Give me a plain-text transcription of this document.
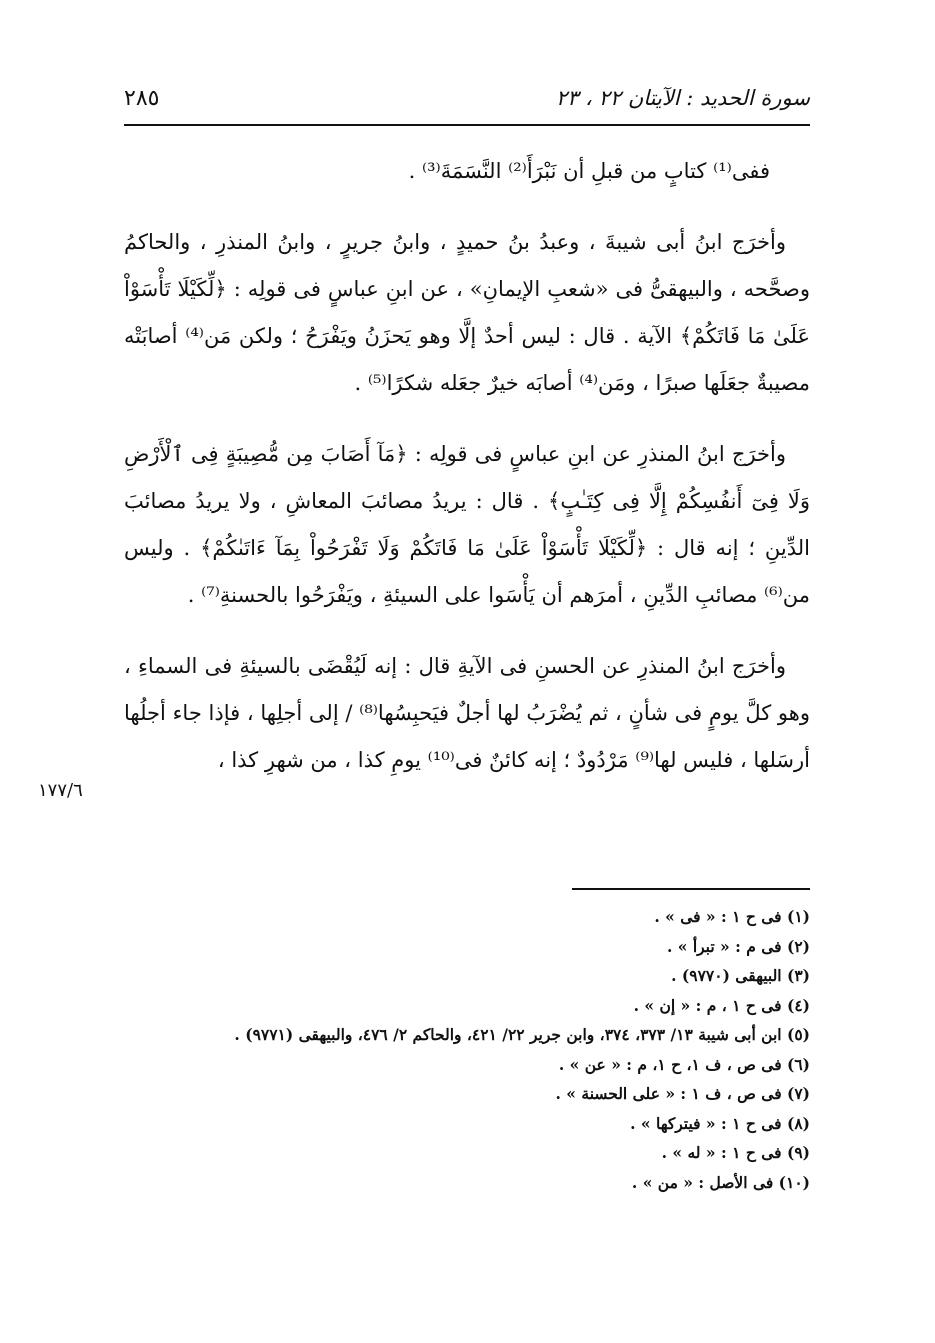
سورة الحديد : الآيتان ٢٢ ، ٢٣
٢٨٥

ففى⁽¹⁾ كتابٍ من قبلِ أن نَبْرَأَ⁽²⁾ النَّسَمَةَ⁽³⁾ .

وأخرَج ابنُ أبى شيبةَ ، وعبدُ بنُ حميدٍ ، وابنُ جريرٍ ، وابنُ المنذرِ ، والحاكمُ وصحَّحه ، والبيهقىُّ فى «شعبِ الإيمانِ» ، عن ابنِ عباسٍ فى قولِه : ﴿لِّكَيْلَا تَأْسَوْاْ عَلَىٰ مَا فَاتَكُمْ﴾ الآية . قال : ليس أحدٌ إلَّا وهو يَحزَنُ ويَفْرَحُ ؛ ولكن مَن⁽⁴⁾ أصابَتْه مصيبةٌ جعَلَها صبرًا ، ومَن⁽⁴⁾ أصابَه خيرٌ جعَله شكرًا⁽⁵⁾ .

وأخرَج ابنُ المنذرِ عن ابنِ عباسٍ فى قولِه : ﴿مَآ أَصَابَ مِن مُّصِيبَةٍ فِى ٱلْأَرْضِ وَلَا فِىٓ أَنفُسِكُمْ إِلَّا فِى كِتَـٰبٍ﴾ . قال : يريدُ مصائبَ المعاشِ ، ولا يريدُ مصائبَ الدِّينِ ؛ إنه قال : ﴿لِّكَيْلَا تَأْسَوْاْ عَلَىٰ مَا فَاتَكُمْ وَلَا تَفْرَحُواْ بِمَآ ءَاتَىٰكُمْ﴾ . وليس من⁽⁶⁾ مصائبِ الدِّينِ ، أمرَهم أن يَأْسَوا على السيئةِ ، ويَفْرَحُوا بالحسنةِ⁽⁷⁾ .

وأخرَج ابنُ المنذرِ عن الحسنِ فى الآيةِ قال : إنه لَيُقْضَى بالسيئةِ فى السماءِ ، وهو كلَّ يومٍ فى شأنٍ ، ثم يُضْرَبُ لها أجلٌ فيَحبِسُها⁽⁸⁾ / إلى أجلِها ، فإذا جاء أجلُها أرسَلها ، فليس لها⁽⁹⁾ مَرْدُودٌ ؛ إنه كائنٌ فى⁽¹⁰⁾ يومِ كذا ، من شهرِ كذا ،

١٧٧/٦

(١) فى ح ١ : « فى » .

(٢) فى م : « تبرأ » .

(٣) البيهقى (٩٧٧٠) .

(٤) فى ح ١ ، م : « إن » .

(٥) ابن أبى شيبة ١٣/ ٣٧٣، ٣٧٤، وابن جرير ٢٢/ ٤٢١، والحاكم ٢/ ٤٧٦، والبيهقى (٩٧٧١) .

(٦) فى ص ، ف ١، ح ١، م : « عن » .

(٧) فى ص ، ف ١ : « على الحسنة » .

(٨) فى ح ١ : « فيتركها » .

(٩) فى ح ١ : « له » .

(١٠) فى الأصل : « من » .
